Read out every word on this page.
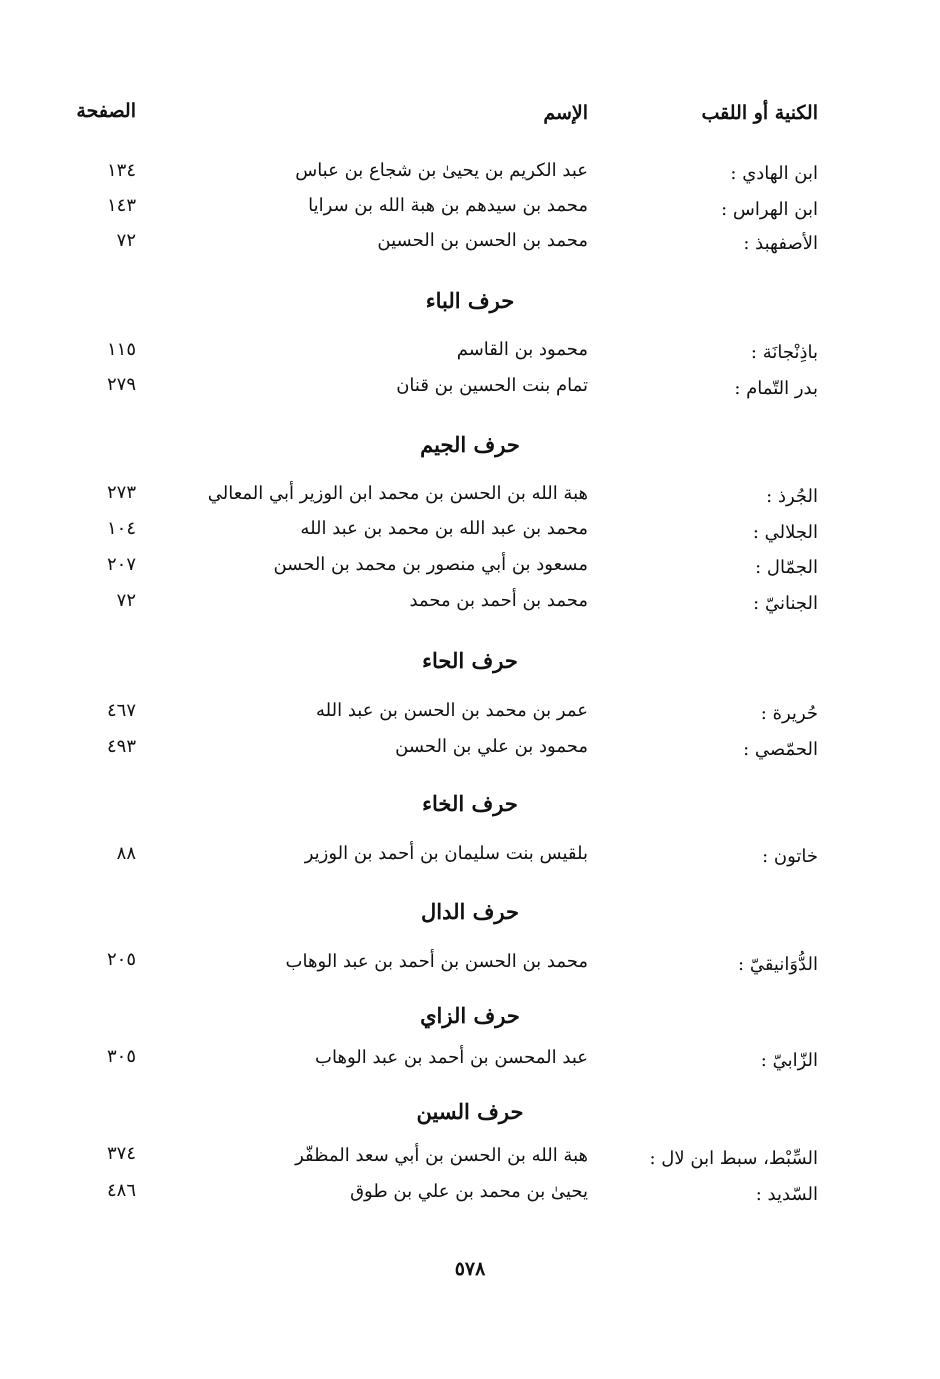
الكنية أو اللقب
الإسم
الصفحة
ابن الهادي :
عبد الكريم بن يحيىٰ بن شجاع بن عباس
١٣٤
ابن الهراس :
محمد بن سيدهم بن هبة الله بن سرايا
١٤٣
الأصفهبذ :
محمد بن الحسن بن الحسين
٧٢
حرف الباء
باذِنْجانَة :
محمود بن القاسم
١١٥
بدر التّمام :
تمام بنت الحسين بن قنان
٢٧٩
حرف الجيم
الجُرذ :
هبة الله بن الحسن بن محمد ابن الوزير أبي المعالي
٢٧٣
الجلالي :
محمد بن عبد الله بن محمد بن عبد الله
١٠٤
الجمّال :
مسعود بن أبي منصور بن محمد بن الحسن
٢٠٧
الجنانيّ :
محمد بن أحمد بن محمد
٧٢
حرف الحاء
حُريرة :
عمر بن محمد بن الحسن بن عبد الله
٤٦٧
الحمّصي :
محمود بن علي بن الحسن
٤٩٣
حرف الخاء
خاتون :
بلقيس بنت سليمان بن أحمد بن الوزير
٨٨
حرف الدال
الدُّوَانيقيّ :
محمد بن الحسن بن أحمد بن عبد الوهاب
٢٠٥
حرف الزاي
الزّابيّ :
عبد المحسن بن أحمد بن عبد الوهاب
٣٠٥
حرف السين
السِّبْط، سبط ابن لال :
هبة الله بن الحسن بن أبي سعد المظفّر
٣٧٤
السّديد :
يحيىٰ بن محمد بن علي بن طوق
٤٨٦
٥٧٨
